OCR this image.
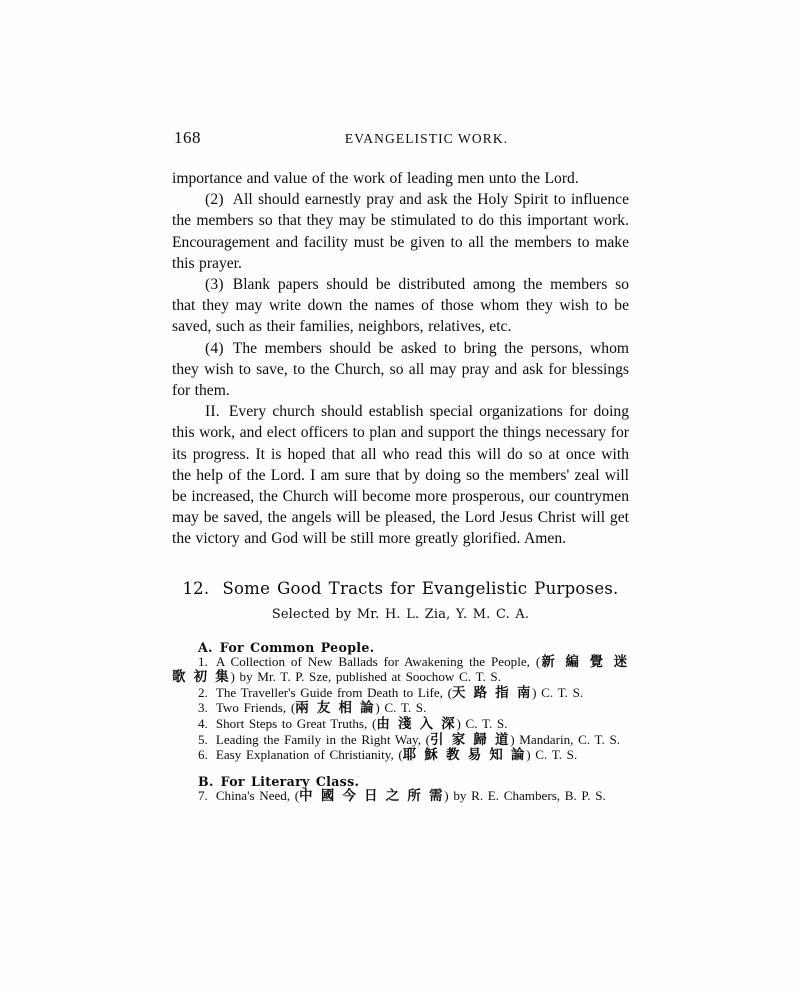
168	EVANGELISTIC WORK.

importance and value of the work of leading men unto the Lord.

(2) All should earnestly pray and ask the Holy Spirit to influence the members so that they may be stimulated to do this important work. Encouragement and facility must be given to all the members to make this prayer.

(3) Blank papers should be distributed among the members so that they may write down the names of those whom they wish to be saved, such as their families, neighbors, relatives, etc.

(4) The members should be asked to bring the persons, whom they wish to save, to the Church, so all may pray and ask for blessings for them.

II. Every church should establish special organizations for doing this work, and elect officers to plan and support the things necessary for its progress. It is hoped that all who read this will do so at once with the help of the Lord. I am sure that by doing so the members' zeal will be increased, the Church will become more prosperous, our countrymen may be saved, the angels will be pleased, the Lord Jesus Christ will get the victory and God will be still more greatly glorified. Amen.

12. Some Good Tracts for Evangelistic Purposes.
Selected by Mr. H. L. Zia, Y. M. C. A.
A. For Common People.

1. A Collection of New Ballads for Awakening the People, (新 編 覺 迷 歌 初 集) by Mr. T. P. Sze, published at Soochow C. T. S.

2. The Traveller's Guide from Death to Life, (天 路 指 南) C. T. S.

3. Two Friends, (兩 友 相 論) C. T. S.

4. Short Steps to Great Truths, (由 淺 入 深) C. T. S.

5. Leading the Family in the Right Way, (引 家 歸 道) Mandarin, C. T. S.

6. Easy Explanation of Christianity, (耶 穌 教 易 知 論) C. T. S.

B. For Literary Class.

7. China's Need, (中 國 今 日 之 所 需) by R. E. Chambers, B. P. S.
